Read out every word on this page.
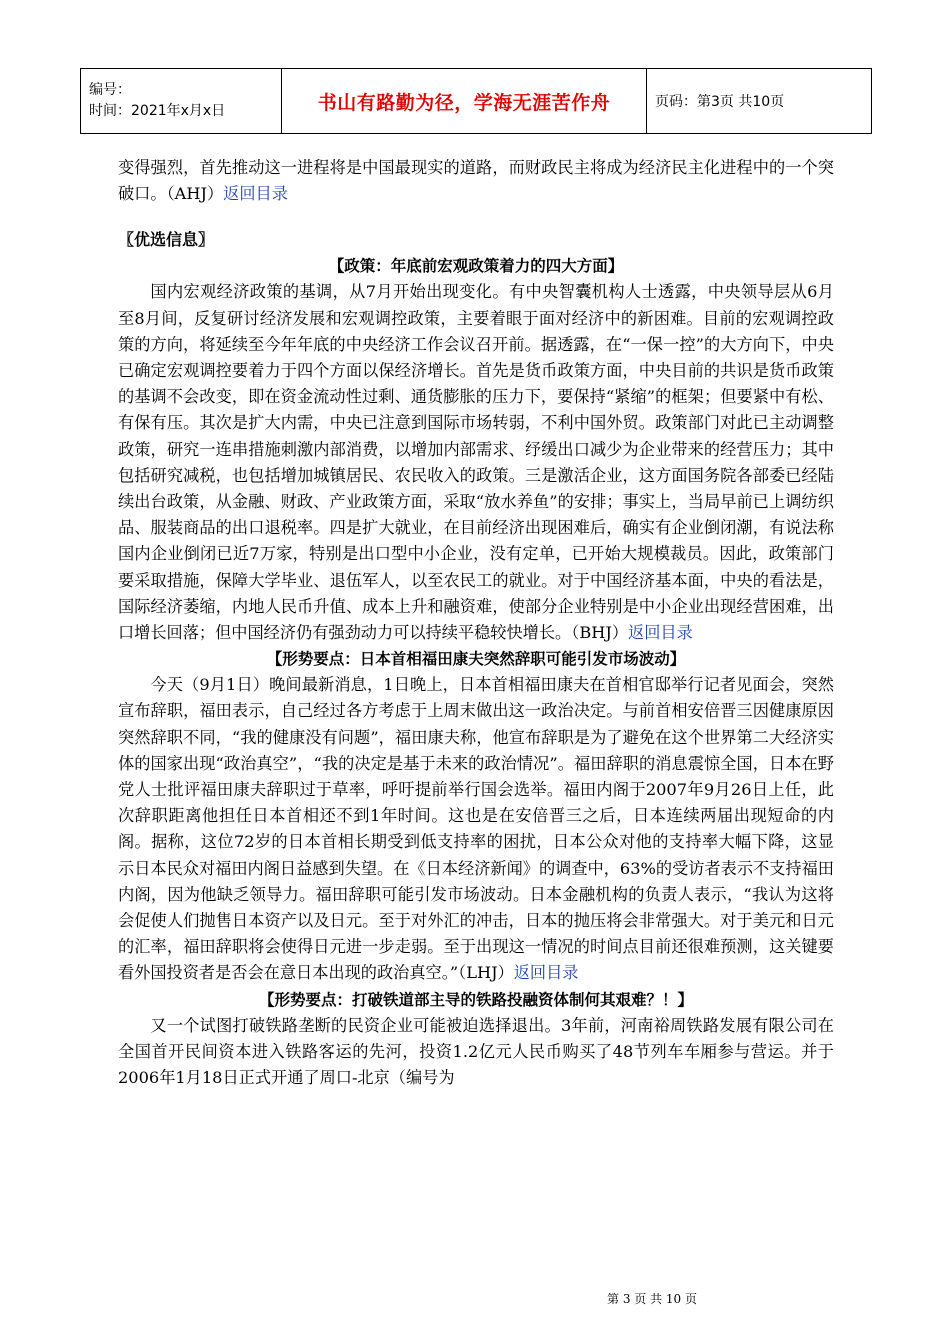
编号：
时间：2021年x月x日	书山有路勤为径，学海无涯苦作舟	页码：第3页 共10页

变得强烈，首先推动这一进程将是中国最现实的道路，而财政民主将成为经济民主化进程中的一个突破口。（AHJ）返回目录

〖优选信息〗

【政策：年底前宏观政策着力的四大方面】

国内宏观经济政策的基调，从7月开始出现变化。有中央智囊机构人士透露，中央领导层从6月至8月间，反复研讨经济发展和宏观调控政策，主要着眼于面对经济中的新困难。目前的宏观调控政策的方向，将延续至今年年底的中央经济工作会议召开前。据透露，在“一保一控”的大方向下，中央已确定宏观调控要着力于四个方面以保经济增长。首先是货币政策方面，中央目前的共识是货币政策的基调不会改变，即在资金流动性过剩、通货膨胀的压力下，要保持“紧缩”的框架；但要紧中有松、有保有压。其次是扩大内需，中央已注意到国际市场转弱，不利中国外贸。政策部门对此已主动调整政策，研究一连串措施刺激内部消费，以增加内部需求、纾缓出口减少为企业带来的经营压力；其中包括研究减税，也包括增加城镇居民、农民收入的政策。三是激活企业，这方面国务院各部委已经陆续出台政策，从金融、财政、产业政策方面，采取“放水养鱼”的安排；事实上，当局早前已上调纺织品、服装商品的出口退税率。四是扩大就业，在目前经济出现困难后，确实有企业倒闭潮，有说法称国内企业倒闭已近7万家，特别是出口型中小企业，没有定单，已开始大规模裁员。因此，政策部门要采取措施，保障大学毕业、退伍军人，以至农民工的就业。对于中国经济基本面，中央的看法是，国际经济萎缩，内地人民币升值、成本上升和融资难，使部分企业特别是中小企业出现经营困难，出口增长回落；但中国经济仍有强劲动力可以持续平稳较快增长。（BHJ）返回目录

【形势要点：日本首相福田康夫突然辞职可能引发市场波动】

今天（9月1日）晚间最新消息，1日晚上，日本首相福田康夫在首相官邸举行记者见面会，突然宣布辞职，福田表示，自己经过各方考虑于上周末做出这一政治决定。与前首相安倍晋三因健康原因突然辞职不同，“我的健康没有问题”，福田康夫称，他宣布辞职是为了避免在这个世界第二大经济实体的国家出现“政治真空”，“我的决定是基于未来的政治情况”。福田辞职的消息震惊全国，日本在野党人士批评福田康夫辞职过于草率，呼吁提前举行国会选举。福田内阁于2007年9月26日上任，此次辞职距离他担任日本首相还不到1年时间。这也是在安倍晋三之后，日本连续两届出现短命的内阁。据称，这位72岁的日本首相长期受到低支持率的困扰，日本公众对他的支持率大幅下降，这显示日本民众对福田内阁日益感到失望。在《日本经济新闻》的调查中，63%的受访者表示不支持福田内阁，因为他缺乏领导力。福田辞职可能引发市场波动。日本金融机构的负责人表示，“我认为这将会促使人们抛售日本资产以及日元。至于对外汇的冲击，日本的抛压将会非常强大。对于美元和日元的汇率，福田辞职将会使得日元进一步走弱。至于出现这一情况的时间点目前还很难预测，这关键要看外国投资者是否会在意日本出现的政治真空。”（LHJ）返回目录

【形势要点：打破铁道部主导的铁路投融资体制何其艰难？！】

又一个试图打破铁路垄断的民资企业可能被迫选择退出。3年前，河南裕周铁路发展有限公司在全国首开民间资本进入铁路客运的先河，投资1.2亿元人民币购买了48节列车车厢参与营运。并于2006年1月18日正式开通了周口-北京（编号为

第 3 页 共 10 页
